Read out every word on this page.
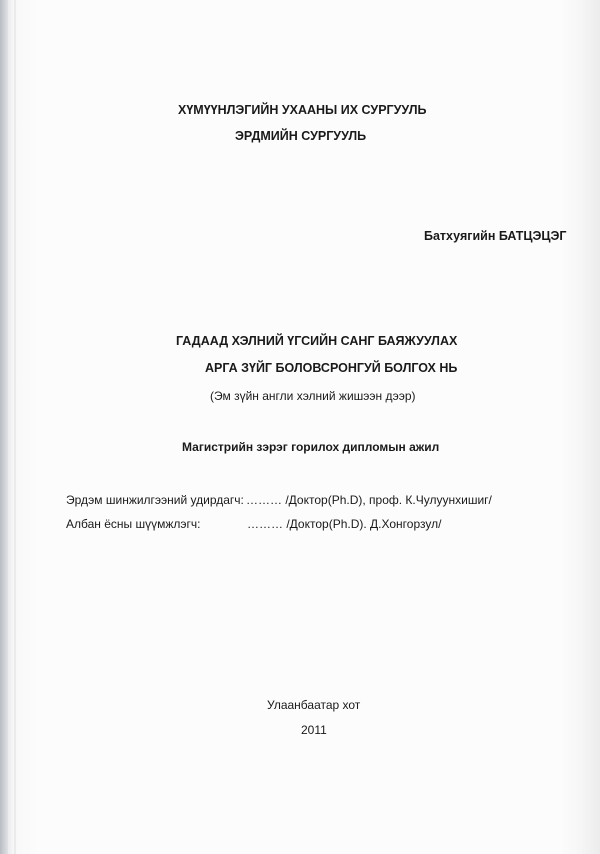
ХҮМҮҮНЛЭГИЙН УХААНЫ ИХ СУРГУУЛЬ
ЭРДМИЙН СУРГУУЛЬ
Батхуягийн БАТЦЭЦЭГ
ГАДААД ХЭЛНИЙ ҮГСИЙН САНГ БАЯЖУУЛАХ
АРГА ЗҮЙГ БОЛОВСРОНГУЙ БОЛГОХ НЬ
(Эм зүйн англи хэлний жишээн дээр)
Магистрийн зэрэг горилох дипломын ажил
Эрдэм шинжилгээний удирдагч: ……… /Доктор(Ph.D), проф. К.Чулуунхишиг/
Албан ёсны шүүмжлэгч:	……… /Доктор(Ph.D). Д.Хонгорзул/
Улаанбаатар хот
2011
